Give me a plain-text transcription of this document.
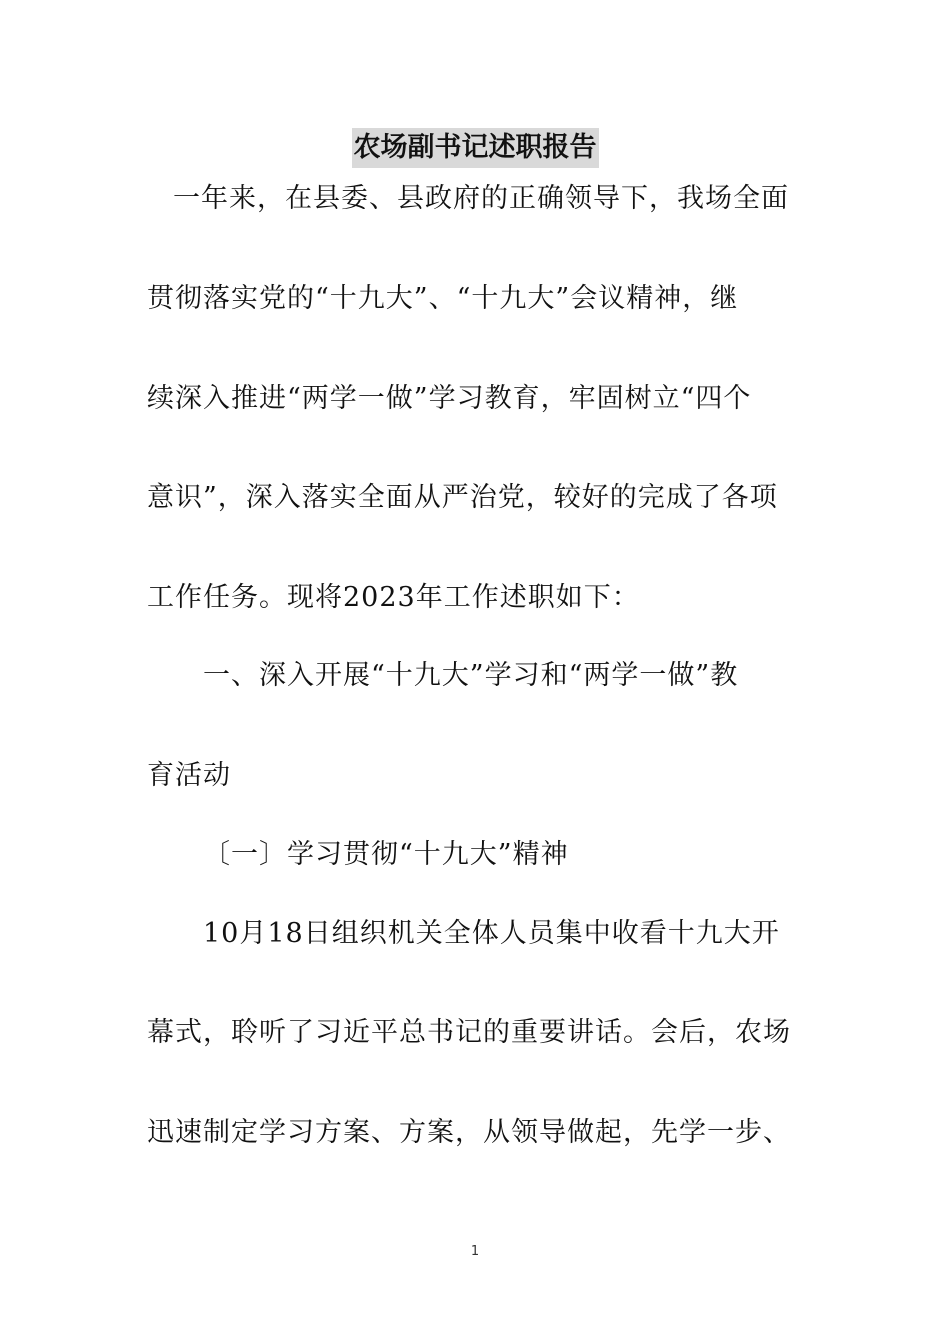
农场副书记述职报告
一年来，在县委、县政府的正确领导下，我场全面
贯彻落实党的“十九大”、“十九大”会议精神，继
续深入推进“两学一做”学习教育，牢固树立“四个
意识”，深入落实全面从严治党，较好的完成了各项
工作任务。现将2023年工作述职如下：
一、深入开展“十九大”学习和“两学一做”教
育活动
〔一〕学习贯彻“十九大”精神
10月18日组织机关全体人员集中收看十九大开
幕式，聆听了习近平总书记的重要讲话。会后，农场
迅速制定学习方案、方案，从领导做起，先学一步、
1
